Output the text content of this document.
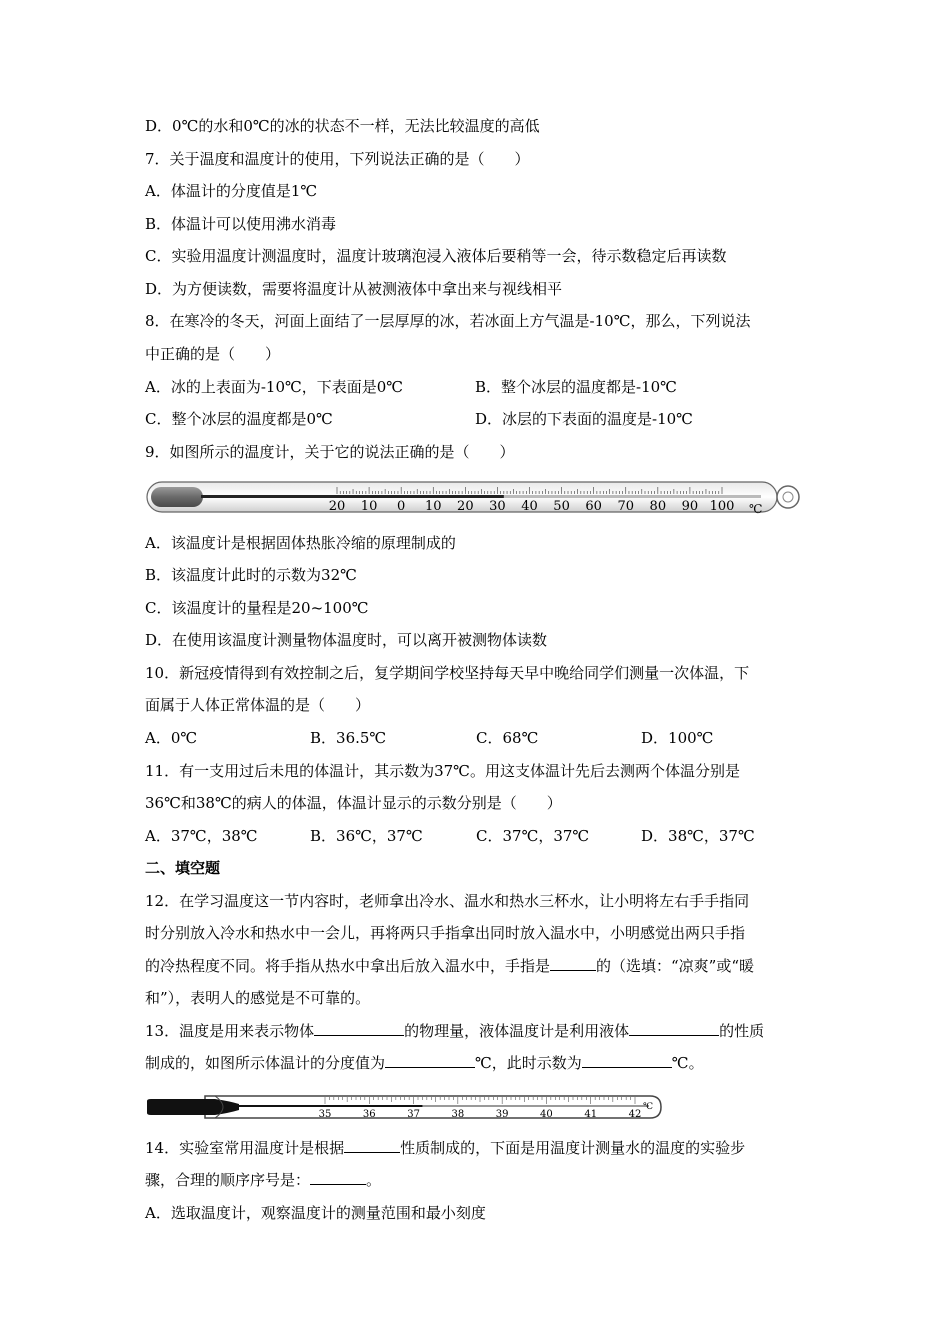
D．0℃的水和0℃的冰的状态不一样，无法比较温度的高低
7．关于温度和温度计的使用，下列说法正确的是（　　）
A．体温计的分度值是1℃
B．体温计可以使用沸水消毒
C．实验用温度计测温度时，温度计玻璃泡浸入液体后要稍等一会，待示数稳定后再读数
D．为方便读数，需要将温度计从被测液体中拿出来与视线相平
8．在寒冷的冬天，河面上面结了一层厚厚的冰，若冰面上方气温是-10℃，那么，下列说法
中正确的是（　　）
A．冰的上表面为-10℃，下表面是0℃	B．整个冰层的温度都是-10℃
C．整个冰层的温度都是0℃	D．冰层的下表面的温度是-10℃
9．如图所示的温度计，关于它的说法正确的是（　　）
20 10 0 10 20 30 40 50 60 70 80 90 100 ℃
A．该温度计是根据固体热胀冷缩的原理制成的
B．该温度计此时的示数为32℃
C．该温度计的量程是20~100℃
D．在使用该温度计测量物体温度时，可以离开被测物体读数
10．新冠疫情得到有效控制之后，复学期间学校坚持每天早中晚给同学们测量一次体温，下
面属于人体正常体温的是（　　）
A．0℃	B．36.5℃	C．68℃	D．100℃
11．有一支用过后未甩的体温计，其示数为37℃。用这支体温计先后去测两个体温分别是
36℃和38℃的病人的体温，体温计显示的示数分别是（　　）
A．37℃，38℃	B．36℃，37℃	C．37℃，37℃	D．38℃，37℃
二、填空题
12．在学习温度这一节内容时，老师拿出冷水、温水和热水三杯水，让小明将左右手手指同
时分别放入冷水和热水中一会儿，再将两只手指拿出同时放入温水中，小明感觉出两只手指
的冷热程度不同。将手指从热水中拿出后放入温水中，手指是	的（选填：“凉爽”或“暖
和”），表明人的感觉是不可靠的。
13．温度是用来表示物体	的物理量，液体温度计是利用液体	的性质
制成的，如图所示体温计的分度值为	℃，此时示数为	℃。
35	36	37	38	39	40	41	42
℃
14．实验室常用温度计是根据	性质制成的，下面是用温度计测量水的温度的实验步
骤，合理的顺序序号是：	。
A．选取温度计，观察温度计的测量范围和最小刻度
